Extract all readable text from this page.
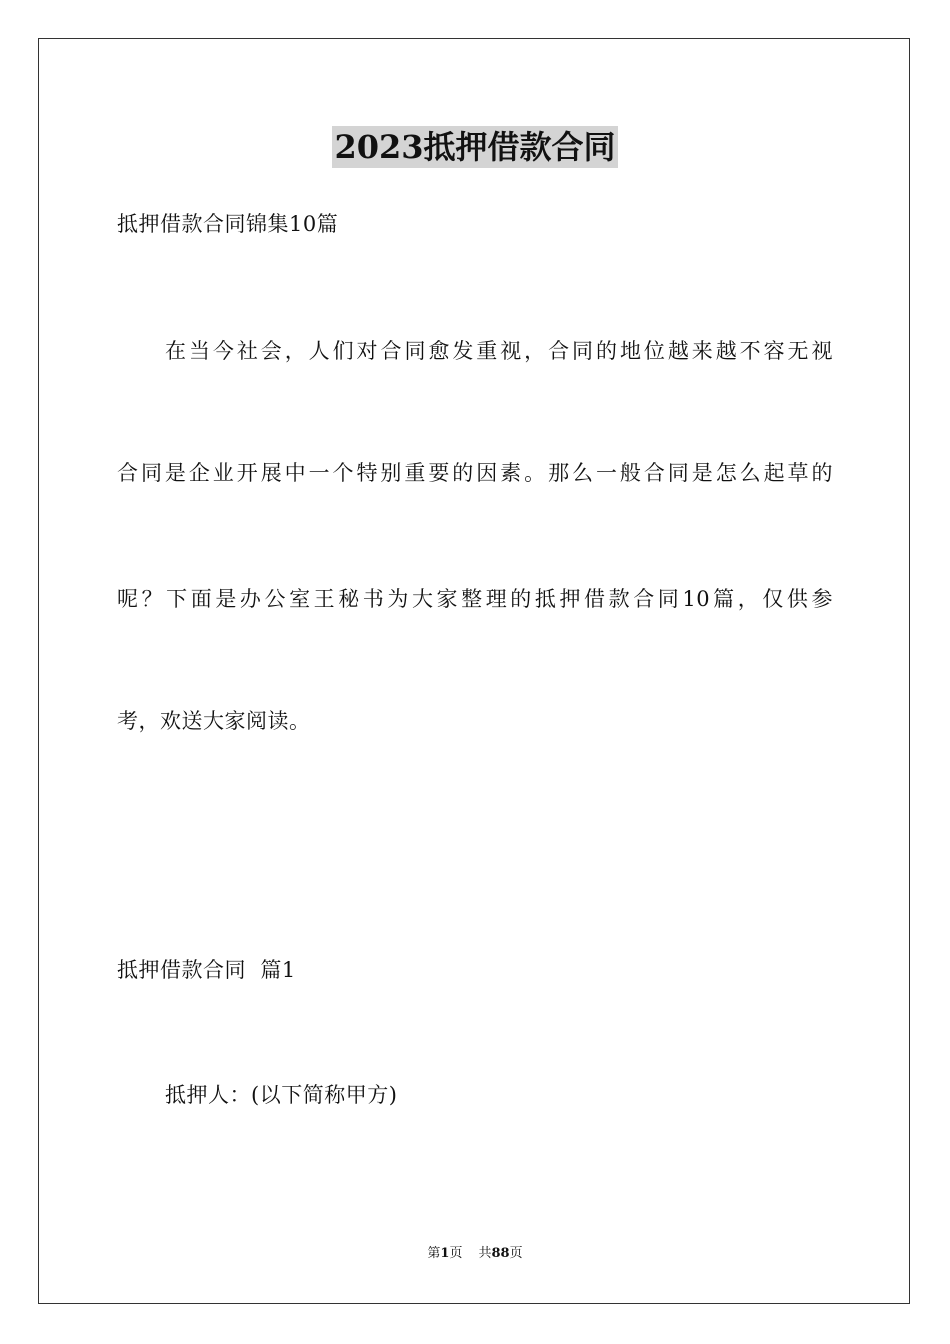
2023抵押借款合同
抵押借款合同锦集10篇
在当今社会，人们对合同愈发重视，合同的地位越来越不容无视
合同是企业开展中一个特别重要的因素。那么一般合同是怎么起草的
呢？下面是办公室王秘书为大家整理的抵押借款合同10篇，仅供参
考，欢送大家阅读。
抵押借款合同  篇1
抵押人：(以下简称甲方)
第1页 共88页
